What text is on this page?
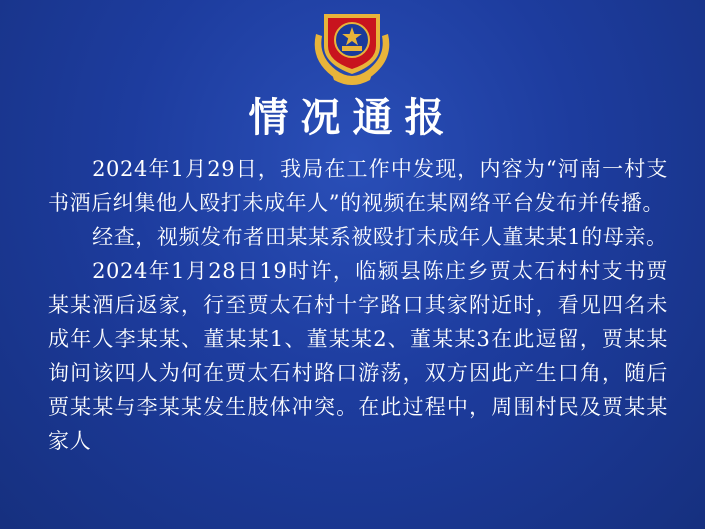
情况通报

2024年1月29日，我局在工作中发现，内容为“河南一村支书酒后纠集他人殴打未成年人”的视频在某网络平台发布并传播。

经查，视频发布者田某某系被殴打未成年人董某某1的母亲。

2024年1月28日19时许，临颍县陈庄乡贾太石村村支书贾某某酒后返家，行至贾太石村十字路口其家附近时，看见四名未成年人李某某、董某某1、董某某2、董某某3在此逗留，贾某某询问该四人为何在贾太石村路口游荡，双方因此产生口角，随后贾某某与李某某发生肢体冲突。在此过程中，周围村民及贾某某家人
